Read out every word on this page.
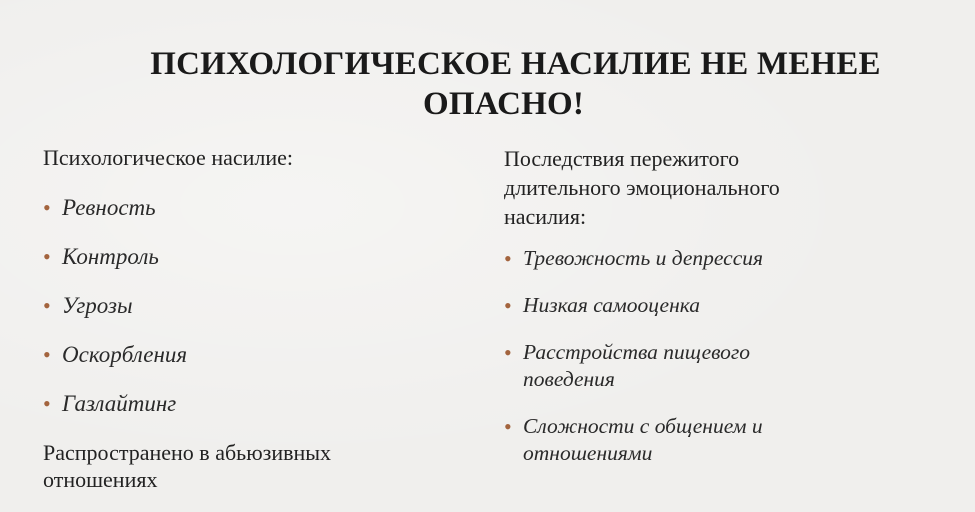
ПСИХОЛОГИЧЕСКОЕ НАСИЛИЕ НЕ МЕНЕЕ
ОПАСНО!
Психологическое насилие:
• Ревность
• Контроль
• Угрозы
• Оскорбления
• Газлайтинг
Распространено в абьюзивных
отношениях
Последствия пережитого
длительного эмоционального
насилия:
• Тревожность и депрессия
• Низкая самооценка
• Расстройства пищевого
поведения
• Сложности с общением и
отношениями
